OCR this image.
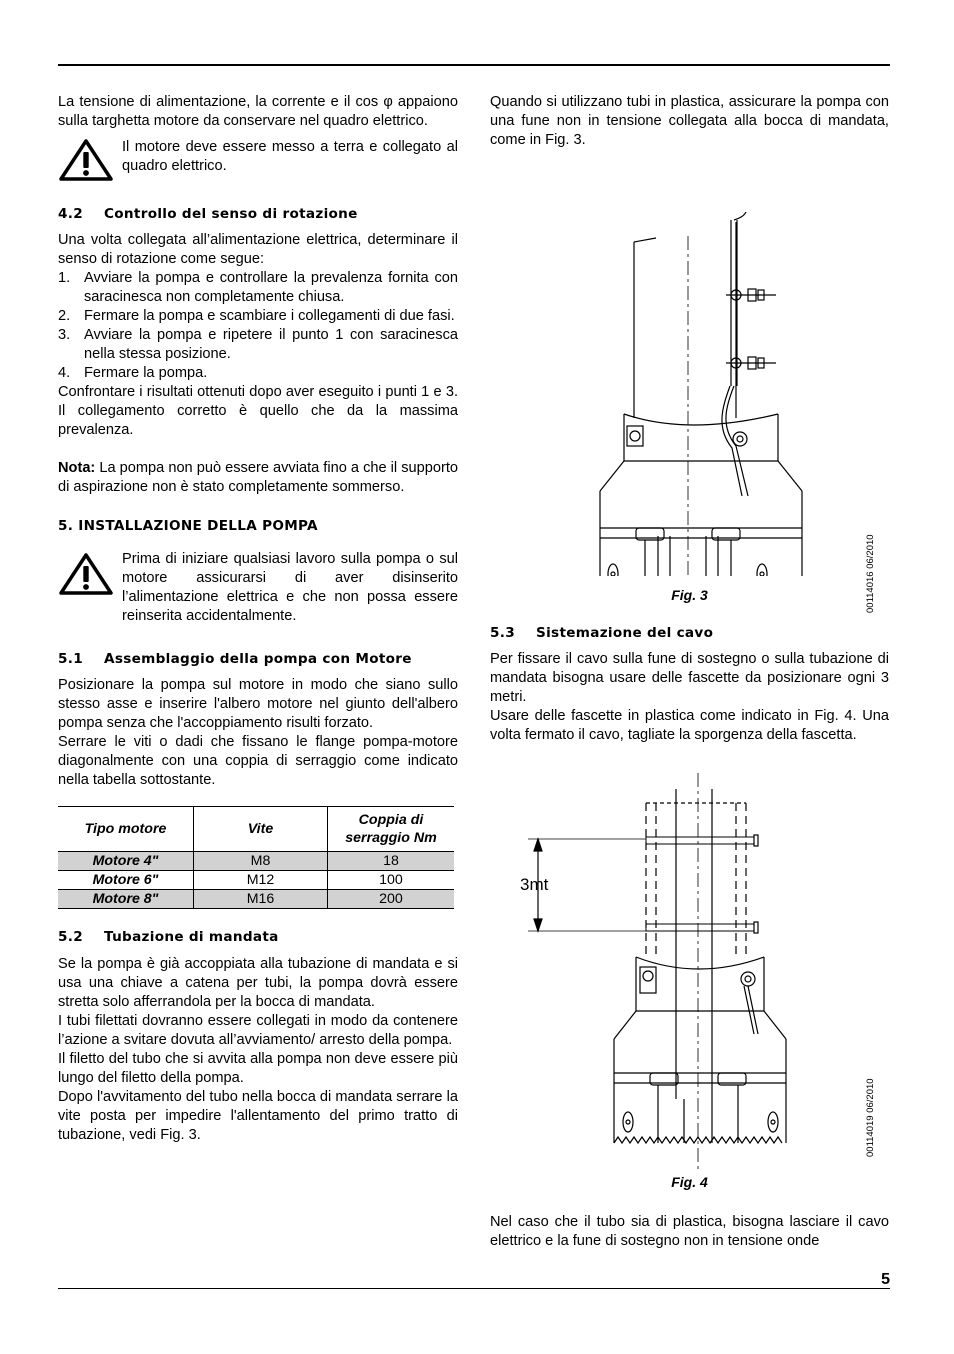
La tensione di alimentazione, la corrente e il cos φ appaiono sulla targhetta motore da conservare nel quadro elettrico.

Il motore deve essere messo a terra e collegato al quadro elettrico.
4.2 Controllo del senso di rotazione

Una volta collegata all’alimentazione elettrica, determinare il senso di rotazione come segue:

1. Avviare la pompa e controllare la prevalenza fornita con saracinesca non completamente chiusa.
2. Fermare la pompa e scambiare i collegamenti di due fasi.
3. Avviare la pompa e ripetere il punto 1 con saracinesca nella stessa posizione.
4. Fermare la pompa.

Confrontare i risultati ottenuti dopo aver eseguito i punti 1 e 3. Il collegamento corretto è quello che da la massima prevalenza.

Nota: La pompa non può essere avviata fino a che il supporto di aspirazione non è stato completamente sommerso.

5. INSTALLAZIONE DELLA POMPA
Prima di iniziare qualsiasi lavoro sulla pompa o sul motore assicurarsi di aver disinserito l’alimentazione elettrica e che non possa essere reinserita accidentalmente.
5.1 Assemblaggio della pompa con Motore

Posizionare la pompa sul motore in modo che siano sullo stesso asse e inserire l'albero motore nel giunto dell'albero pompa senza che l'accoppiamento risulti forzato.

Serrare le viti o dadi che fissano le flange pompa-motore diagonalmente con una coppia di serraggio come indicato nella tabella sottostante.

Tipo motore	Vite	Coppia di serraggio Nm
Motore 4"	M8	18
Motore 6"	M12	100
Motore 8"	M16	200
5.2 Tubazione di mandata

Se la pompa è già accoppiata alla tubazione di mandata e si usa una chiave a catena per tubi, la pompa dovrà essere stretta solo afferrandola per la bocca di mandata.

I tubi filettati dovranno essere collegati in modo da contenere l’azione a svitare dovuta all’avviamento/ arresto della pompa.

Il filetto del tubo che si avvita alla pompa non deve essere più lungo del filetto della pompa.

Dopo l'avvitamento del tubo nella bocca di mandata serrare la vite posta per impedire l'allentamento del primo tratto di tubazione, vedi Fig. 3.

Quando si utilizzano tubi in plastica, assicurare la pompa con una fune non in tensione collegata alla bocca di mandata, come in Fig. 3.

00114016 06/2010
Fig. 3
5.3 Sistemazione del cavo

Per fissare il cavo sulla fune di sostegno o sulla tubazione di mandata bisogna usare delle fascette da posizionare ogni 3 metri.

Usare delle fascette in plastica come indicato in Fig. 4. Una volta fermato il cavo, tagliate la sporgenza della fascetta.

3mt
00114019 06/2010
Fig. 4

Nel caso che il tubo sia di plastica, bisogna lasciare il cavo elettrico e la fune di sostegno non in tensione onde

5
